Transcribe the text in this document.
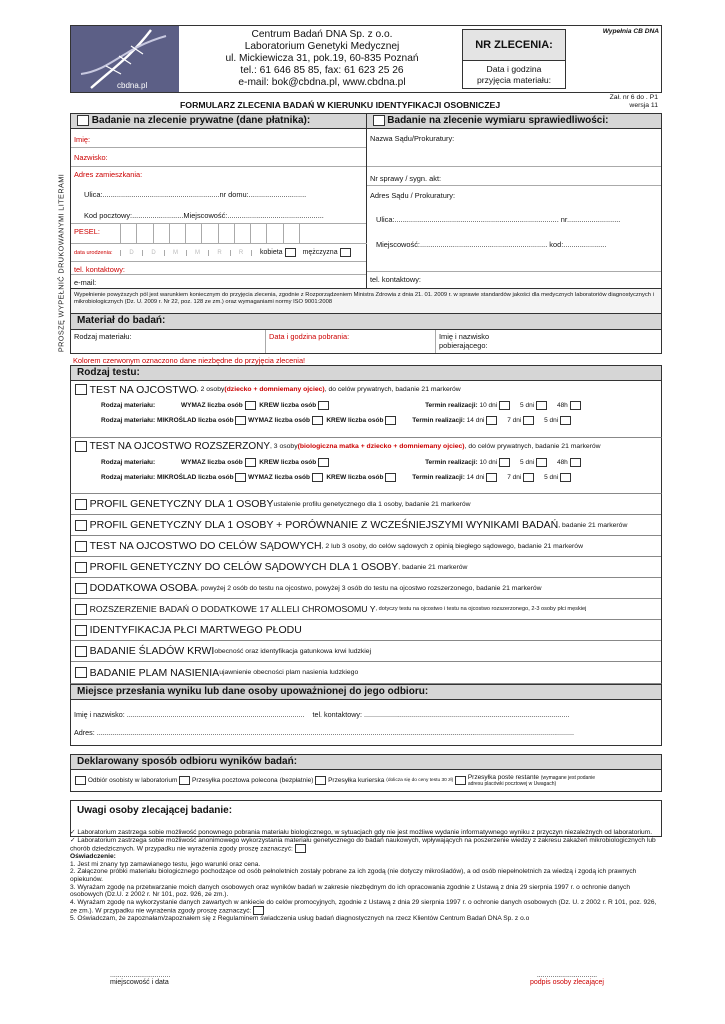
PROSZĘ WYPEŁNIĆ DRUKOWANYMI LITERAMI
cbdna.pl
Centrum Badań DNA Sp. z o.o.
Laboratorium Genetyki Medycznej
ul. Mickiewicza 31, pok.19, 60-835 Poznań
tel.: 61 646 85 85, fax: 61 623 25 26
e-mail: bok@cbdna.pl, www.cbdna.pl
NR ZLECENIA:
Data i godzina
przyjęcia materiału:
Wypełnia CB DNA
FORMULARZ ZLECENIA BADAŃ W KIERUNKU IDENTYFIKACJI OSOBNICZEJ
Zał. nr 6 do . P1
wersja 11
Badanie na zlecenie prywatne (dane płatnika):	Badanie na zlecenie wymiaru sprawiedliwości:
Imię:
Nazwisko:
Adres zamieszkania:
Ulica:.........................................................nr domu:............................
Kod pocztowy:.........................Miejscowość:...............................................
PESEL:
data urodzenia:	D	D	M	M	R	R	kobieta	mężczyzna
tel. kontaktowy:
e-mail:
Nazwa Sądu/Prokuratury:
Nr sprawy / sygn. akt:
Adres Sądu / Prokuratury:
Ulica:................................................................................ nr..........................
Miejscowość:.............................................................. kod:.....................
tel. kontaktowy:
Wypełnienie powyższych pól jest warunkiem koniecznym do przyjęcia zlecenia, zgodnie z Rozporządzeniem Ministra Zdrowia z dnia 21. 01. 2009 r. w sprawie standardów jakości dla medycznych laboratoriów diagnostycznych i mikrobiologicznych (Dz. U. 2009 r. Nr 22, poz. 128 ze zm.) oraz wymaganiami normy ISO 9001:2008
Materiał do badań:
Rodzaj materiału:	Data i godzina pobrania:	Imię i nazwisko pobierającego:
Kolorem czerwonym oznaczono dane niezbędne do przyjęcia zlecenia!
Rodzaj testu:

TEST NA OJCOSTWO , 2 osoby (dziecko + domniemany ojciec) , do celów prywatnych, badanie 21 markerów
Rodzaj materiału:	WYMAZ liczba osób

	KREW liczba osób
	Termin realizacji:
10 dni
	5 dni
	48h

Rodzaj materiału: MIKROŚLAD liczba osób

WYMAZ liczba osób

	KREW liczba osób
	Termin realizacji:
14 dni
	7 dni
	5 dni

TEST NA OJCOSTWO ROZSZERZONY , 3 osoby (biologiczna matka + dziecko + domniemany ojciec) , do celów prywatnych, badanie 21 markerów
Rodzaj materiału:	WYMAZ liczba osób

	KREW liczba osób
	Termin realizacji:
10 dni
	5 dni
	48h

Rodzaj materiału: MIKROŚLAD liczba osób

WYMAZ liczba osób

	KREW liczba osób
	Termin realizacji:
14 dni
	7 dni
	5 dni

PROFIL GENETYCZNY DLA 1 OSOBY ustalenie profilu genetycznego dla 1 osoby, badanie 21 markerów

PROFIL GENETYCZNY DLA 1 OSOBY + PORÓWNANIE Z WCZEŚNIEJSZYMI WYNIKAMI BADAŃ , badanie 21 markerów

TEST NA OJCOSTWO DO CELÓW SĄDOWYCH , 2 lub 3 osoby, do celów sądowych z opinią biegłego sądowego, badanie 21 markerów

PROFIL GENETYCZNY DO CELÓW SĄDOWYCH DLA 1 OSOBY , badanie 21 markerów

DODATKOWA OSOBA , powyżej 2 osób do testu na ojcostwo, powyżej 3 osób do testu na ojcostwo rozszerzonego, badanie 21 markerów

ROZSZERZENIE BADAŃ O DODATKOWE 17 ALLELI CHROMOSOMU Y , dotyczy testu na ojcostwo i testu na ojcostwo rozszerzonego, 2-3 osoby płci męskiej

IDENTYFIKACJA PŁCI MARTWEGO PŁODU

BADANIE ŚLADÓW KRWI obecność oraz identyfikacja gatunkowa krwi ludzkiej

BADANIE PLAM NASIENIA ujawnienie obecności plam nasienia ludzkiego
Miejsce przesłania wyniku lub dane osoby upoważnionej do jego odbioru:
Imię i nazwisko: ......................................................................................... tel. kontaktowy: .......................................................................................................
Adres: ...............................................................................................................................................................................................................................................
Deklarowany sposób odbioru wyników badań:

Odbiór osobisty w laboratorium

Przesyłka pocztowa polecona (bezpłatnie)

Przesyłka kurierska
(dolicza się do ceny testu 30 zł)

Przesyłka poste restante (wymagane jest podanie adresu placówki pocztowej w Uwagach)
Uwagi osoby zlecającej badanie:
✓ Laboratorium zastrzega sobie możliwość ponownego pobrania materiału biologicznego, w sytuacjach gdy nie jest możliwe wydanie informatywnego wyniku z przyczyn niezależnych od laboratorium.
✓ Laboratorium zastrzega sobie możliwość anonimowego wykorzystania materiału genetycznego do badań naukowych, wpływających na poszerzenie wiedzy z zakresu zakażeń mikrobiologicznych lub chorób dziedzicznych. W przypadku nie wyrażenia zgody proszę zaznaczyć:
Oświadczenie:
1. Jest mi znany typ zamawianego testu, jego warunki oraz cena.
2. Załączone próbki materiału biologicznego pochodzące od osób pełnoletnich zostały pobrane za ich zgodą (nie dotyczy mikrośladów), a od osób niepełnoletnich za wiedzą i zgodą ich prawnych opiekunów.
3. Wyrażam zgodę na przetwarzanie moich danych osobowych oraz wyników badań w zakresie niezbędnym do ich opracowania zgodnie z Ustawą z dnia 29 sierpnia 1997 r. o ochronie danych osobowych (Dz.U. z 2002 r. Nr 101, poz. 926, ze zm.).
4. Wyrażam zgodę na wykorzystanie danych zawartych w ankiecie do celów promocyjnych, zgodnie z Ustawą z dnia 29 sierpnia 1997 r. o ochronie danych osobowych (Dz. U. z 2002 r. R 101, poz. 926, ze zm.). W przypadku nie wyrażenia zgody proszę zaznaczyć:
5. Oświadczam, że zapoznałam/zapoznałem się z Regulaminem świadczenia usług badań diagnostycznych na rzecz Klientów Centrum Badań DNA Sp. z o.o
...............................
miejscowość i data
...............................
podpis osoby zlecającej
